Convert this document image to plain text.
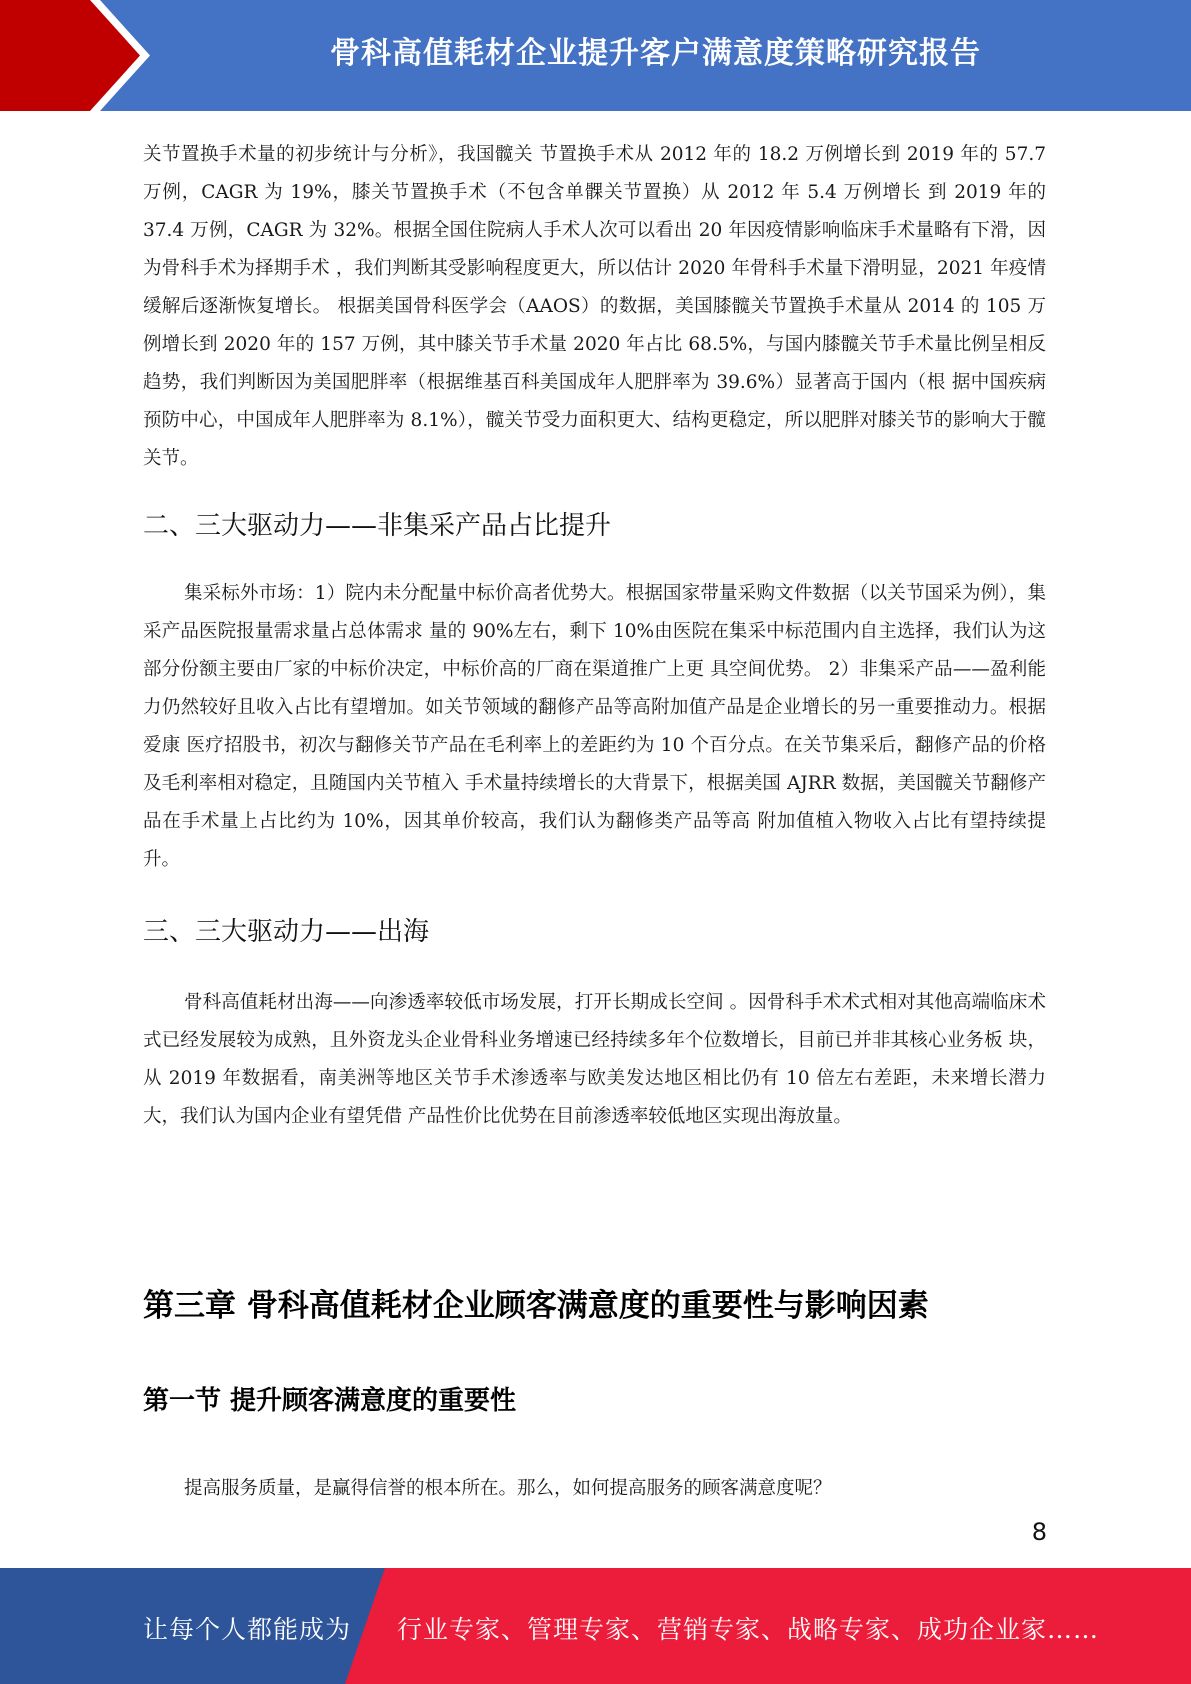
骨科高值耗材企业提升客户满意度策略研究报告

关节置换手术量的初步统计与分析》，我国髋关 节置换手术从 2012 年的 18.2 万例增长到 2019 年的 57.7 万例，CAGR 为 19%，膝关节置换手术（不包含单髁关节置换）从 2012 年 5.4 万例增长 到 2019 年的 37.4 万例，CAGR 为 32%。根据全国住院病人手术人次可以看出 20 年因疫情影响临床手术量略有下滑，因为骨科手术为择期手术 ，我们判断其受影响程度更大，所以估计 2020 年骨科手术量下滑明显，2021 年疫情缓解后逐渐恢复增长。 根据美国骨科医学会（AAOS）的数据，美国膝髋关节置换手术量从 2014 的 105 万例增长到 2020 年的 157 万例，其中膝关节手术量 2020 年占比 68.5%，与国内膝髋关节手术量比例呈相反趋势，我们判断因为美国肥胖率（根据维基百科美国成年人肥胖率为 39.6%）显著高于国内（根 据中国疾病预防中心，中国成年人肥胖率为 8.1%），髋关节受力面积更大、结构更稳定，所以肥胖对膝关节的影响大于髋关节。

二、三大驱动力——非集采产品占比提升

集采标外市场：1）院内未分配量中标价高者优势大。根据国家带量采购文件数据（以关节国采为例），集采产品医院报量需求量占总体需求 量的 90%左右，剩下 10%由医院在集采中标范围内自主选择，我们认为这部分份额主要由厂家的中标价决定，中标价高的厂商在渠道推广上更 具空间优势。 2）非集采产品——盈利能力仍然较好且收入占比有望增加。如关节领域的翻修产品等高附加值产品是企业增长的另一重要推动力。根据爱康 医疗招股书，初次与翻修关节产品在毛利率上的差距约为 10 个百分点。在关节集采后，翻修产品的价格及毛利率相对稳定，且随国内关节植入 手术量持续增长的大背景下，根据美国 AJRR 数据，美国髋关节翻修产品在手术量上占比约为 10%，因其单价较高，我们认为翻修类产品等高 附加值植入物收入占比有望持续提升。

三、三大驱动力——出海

骨科高值耗材出海——向渗透率较低市场发展，打开长期成长空间 。因骨科手术术式相对其他高端临床术式已经发展较为成熟，且外资龙头企业骨科业务增速已经持续多年个位数增长，目前已并非其核心业务板 块，从 2019 年数据看，南美洲等地区关节手术渗透率与欧美发达地区相比仍有 10 倍左右差距，未来增长潜力大，我们认为国内企业有望凭借 产品性价比优势在目前渗透率较低地区实现出海放量。

第三章 骨科高值耗材企业顾客满意度的重要性与影响因素
第一节 提升顾客满意度的重要性

提高服务质量，是赢得信誉的根本所在。那么，如何提高服务的顾客满意度呢？

8
让每个人都能成为 行业专家、管理专家、营销专家、战略专家、成功企业家……
